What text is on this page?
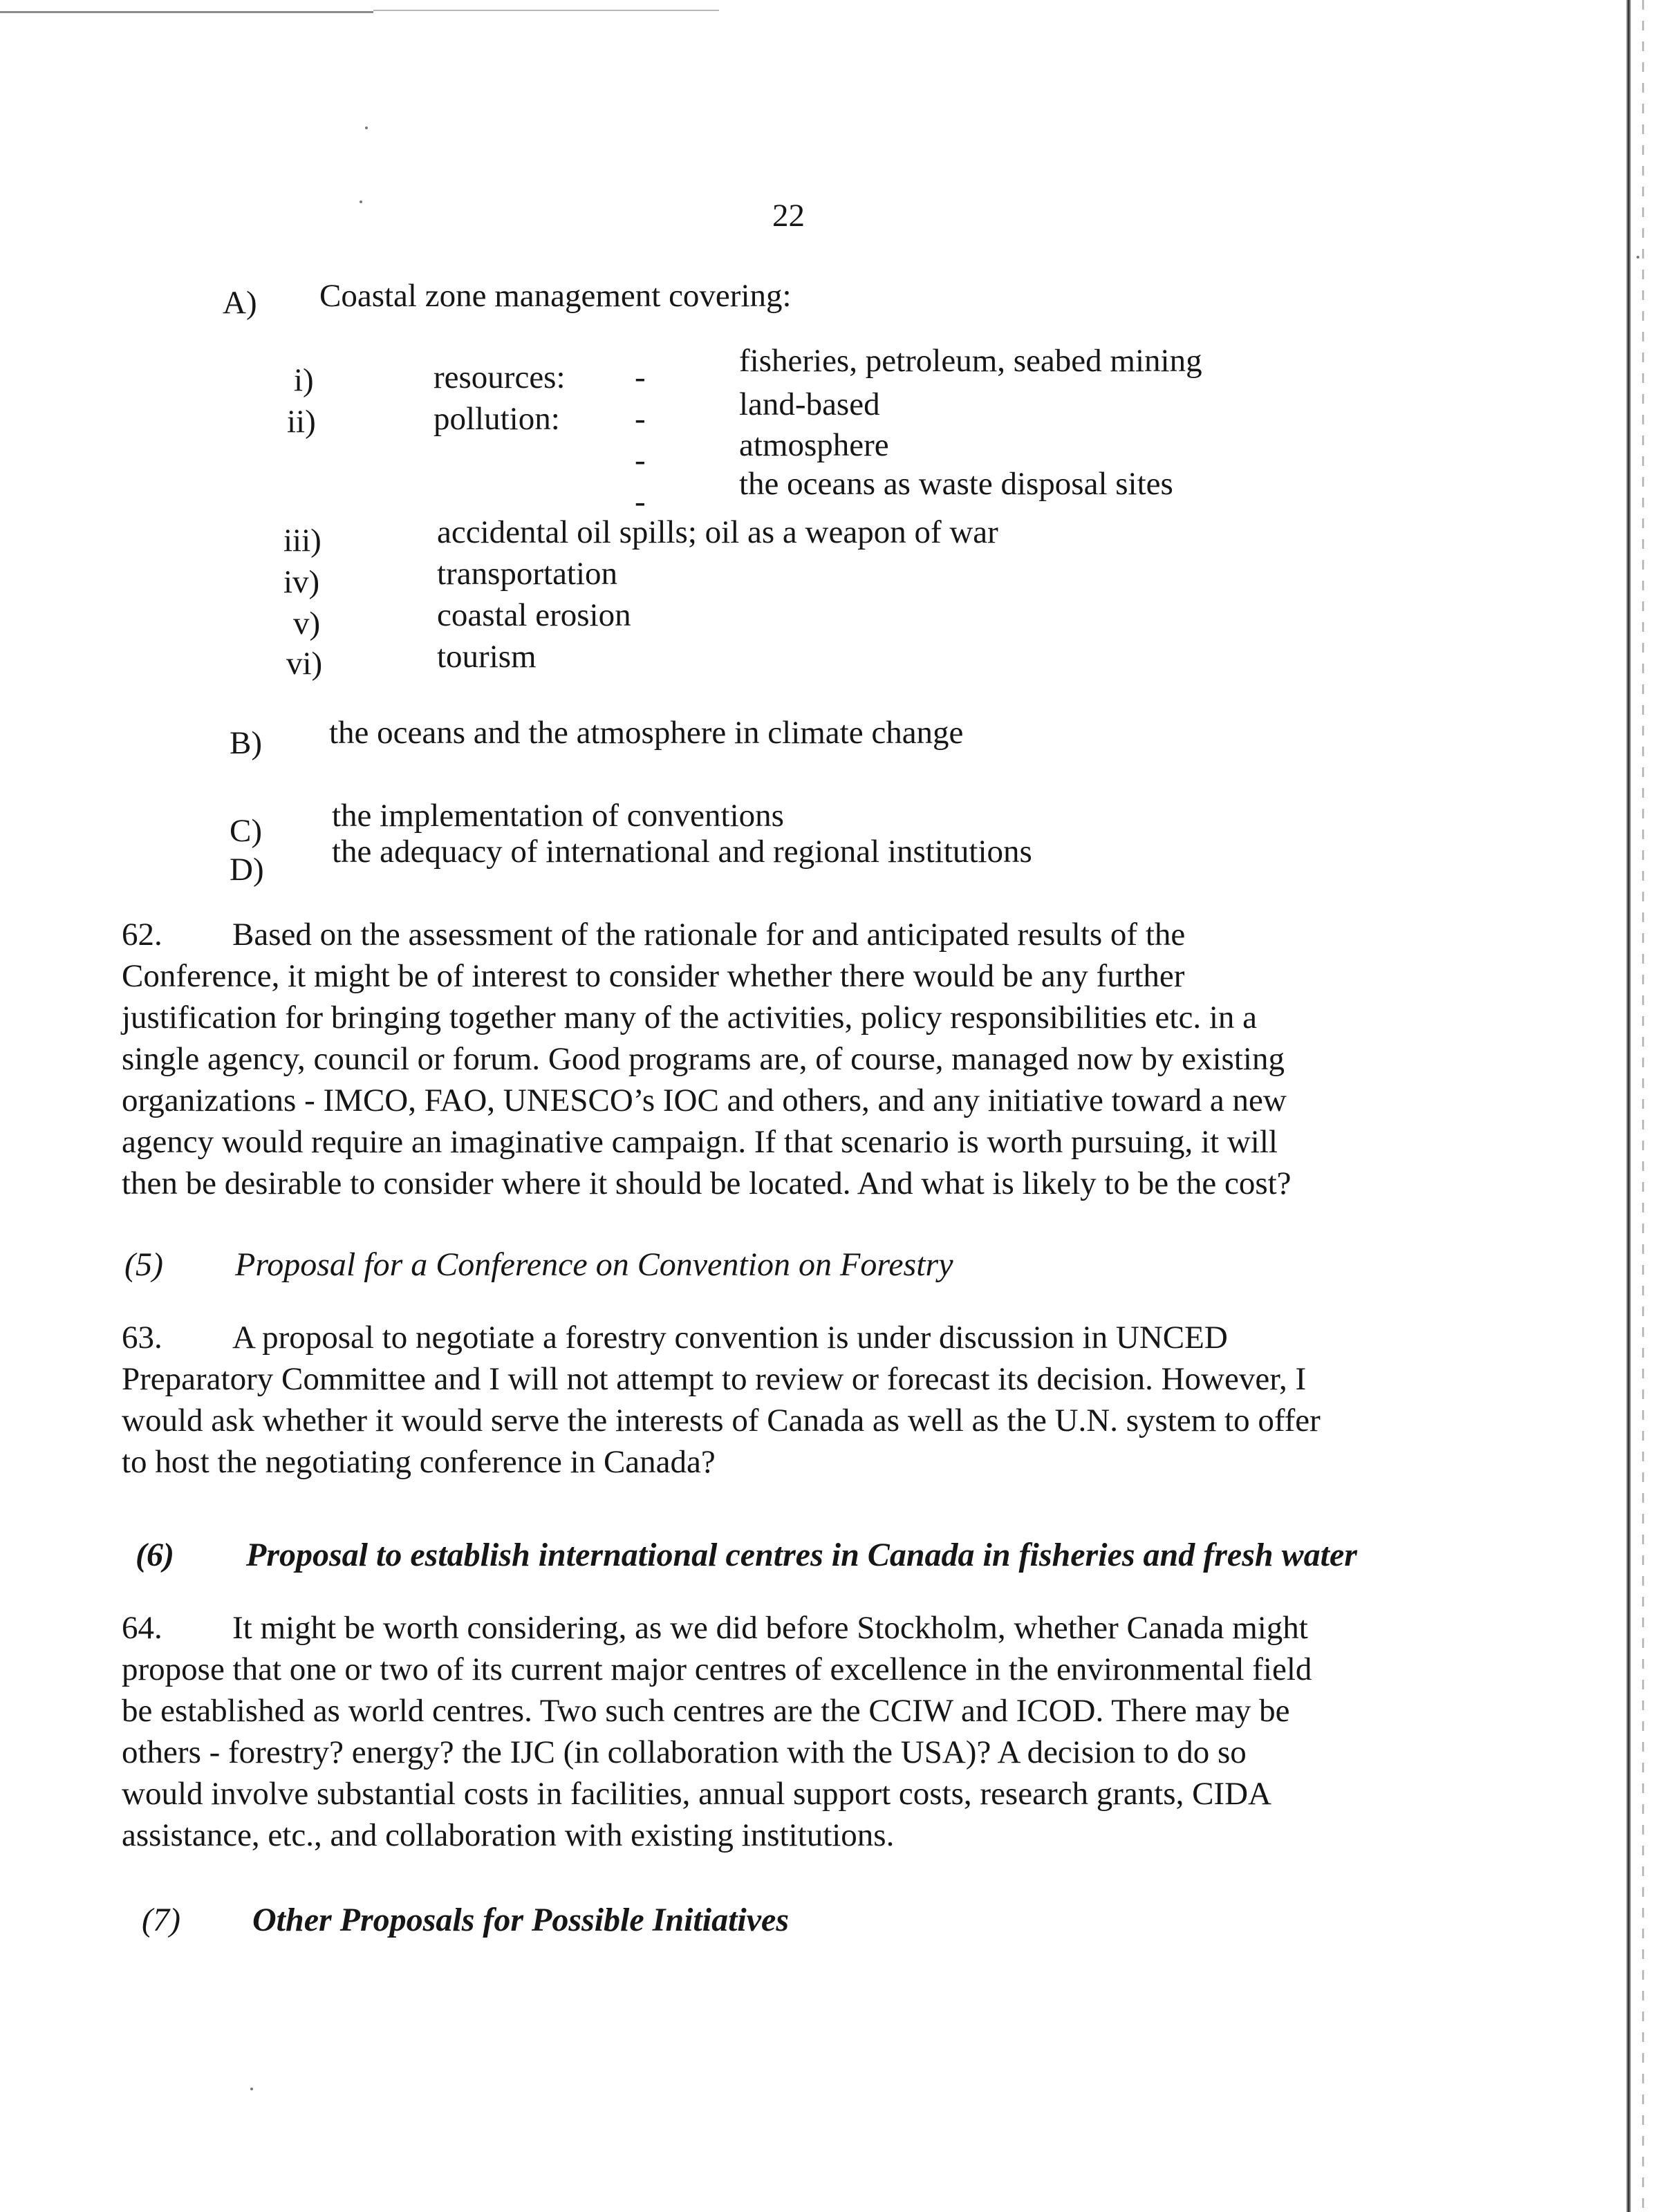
22
A) Coastal zone management covering:
i)	resources: -	fisheries, petroleum, seabed mining
ii)	pollution: -	land-based
-	atmosphere
-	the oceans as waste disposal sites
iii)	accidental oil spills; oil as a weapon of war
iv)	transportation
v)	coastal erosion
vi)	tourism
B) the oceans and the atmosphere in climate change
C) the implementation of conventions
D) the adequacy of international and regional institutions
62. Based on the assessment of the rationale for and anticipated results of the
Conference, it might be of interest to consider whether there would be any further
justification for bringing together many of the activities, policy responsibilities etc. in a
single agency, council or forum. Good programs are, of course, managed now by existing
organizations - IMCO, FAO, UNESCO’s IOC and others, and any initiative toward a new
agency would require an imaginative campaign. If that scenario is worth pursuing, it will
then be desirable to consider where it should be located. And what is likely to be the cost?
(5) Proposal for a Conference on Convention on Forestry
63. A proposal to negotiate a forestry convention is under discussion in UNCED
Preparatory Committee and I will not attempt to review or forecast its decision. However, I
would ask whether it would serve the interests of Canada as well as the U.N. system to offer
to host the negotiating conference in Canada?
(6) Proposal to establish international centres in Canada in fisheries and fresh water
64. It might be worth considering, as we did before Stockholm, whether Canada might
propose that one or two of its current major centres of excellence in the environmental field
be established as world centres. Two such centres are the CCIW and ICOD. There may be
others - forestry? energy? the IJC (in collaboration with the USA)? A decision to do so
would involve substantial costs in facilities, annual support costs, research grants, CIDA
assistance, etc., and collaboration with existing institutions.
(7) Other Proposals for Possible Initiatives
